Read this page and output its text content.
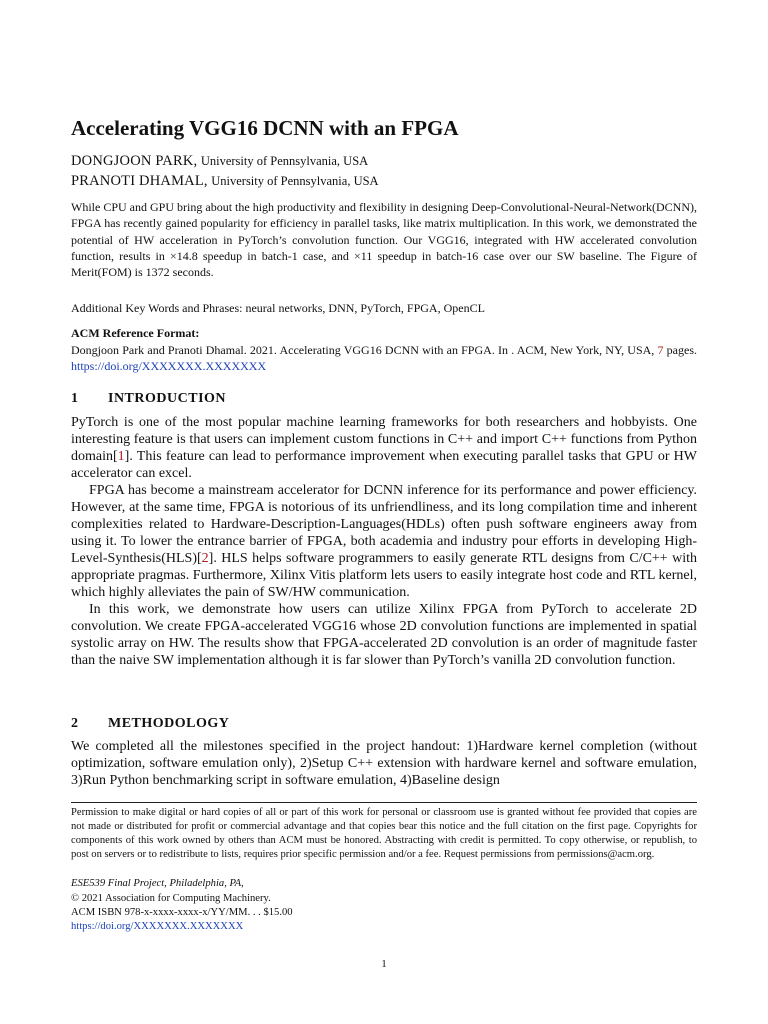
Accelerating VGG16 DCNN with an FPGA
DONGJOON PARK, University of Pennsylvania, USA
PRANOTI DHAMAL, University of Pennsylvania, USA
While CPU and GPU bring about the high productivity and flexibility in designing Deep-Convolutional-Neural-Network(DCNN), FPGA has recently gained popularity for efficiency in parallel tasks, like matrix multiplication. In this work, we demonstrated the potential of HW acceleration in PyTorch’s convolution function. Our VGG16, integrated with HW accelerated convolution function, results in ×14.8 speedup in batch-1 case, and ×11 speedup in batch-16 case over our SW baseline. The Figure of Merit(FOM) is 1372 seconds.
Additional Key Words and Phrases: neural networks, DNN, PyTorch, FPGA, OpenCL
ACM Reference Format:
Dongjoon Park and Pranoti Dhamal. 2021. Accelerating VGG16 DCNN with an FPGA. In . ACM, New York, NY, USA, 7 pages. https://doi.org/XXXXXXX.XXXXXXX
1 INTRODUCTION

PyTorch is one of the most popular machine learning frameworks for both researchers and hobbyists. One interesting feature is that users can implement custom functions in C++ and import C++ functions from Python domain[1]. This feature can lead to performance improvement when executing parallel tasks that GPU or HW accelerator can excel.

FPGA has become a mainstream accelerator for DCNN inference for its performance and power efficiency. However, at the same time, FPGA is notorious of its unfriendliness, and its long compilation time and inherent complexities related to Hardware-Description-Languages(HDLs) often push software engineers away from using it. To lower the entrance barrier of FPGA, both academia and industry pour efforts in developing High-Level-Synthesis(HLS)[2]. HLS helps software programmers to easily generate RTL designs from C/C++ with appropriate pragmas. Furthermore, Xilinx Vitis platform lets users to easily integrate host code and RTL kernel, which highly alleviates the pain of SW/HW communication.

In this work, we demonstrate how users can utilize Xilinx FPGA from PyTorch to accelerate 2D convolution. We create FPGA-accelerated VGG16 whose 2D convolution functions are implemented in spatial systolic array on HW. The results show that FPGA-accelerated 2D convolution is an order of magnitude faster than the naive SW implementation although it is far slower than PyTorch’s vanilla 2D convolution function.

2 METHODOLOGY

We completed all the milestones specified in the project handout: 1)Hardware kernel completion (without optimization, software emulation only), 2)Setup C++ extension with hardware kernel and software emulation, 3)Run Python benchmarking script in software emulation, 4)Baseline design

Permission to make digital or hard copies of all or part of this work for personal or classroom use is granted without fee provided that copies are not made or distributed for profit or commercial advantage and that copies bear this notice and the full citation on the first page. Copyrights for components of this work owned by others than ACM must be honored. Abstracting with credit is permitted. To copy otherwise, or republish, to post on servers or to redistribute to lists, requires prior specific permission and/or a fee. Request permissions from permissions@acm.org.
ESE539 Final Project, Philadelphia, PA,
© 2021 Association for Computing Machinery.
ACM ISBN 978-x-xxxx-xxxx-x/YY/MM. . . $15.00
https://doi.org/XXXXXXX.XXXXXXX
1
